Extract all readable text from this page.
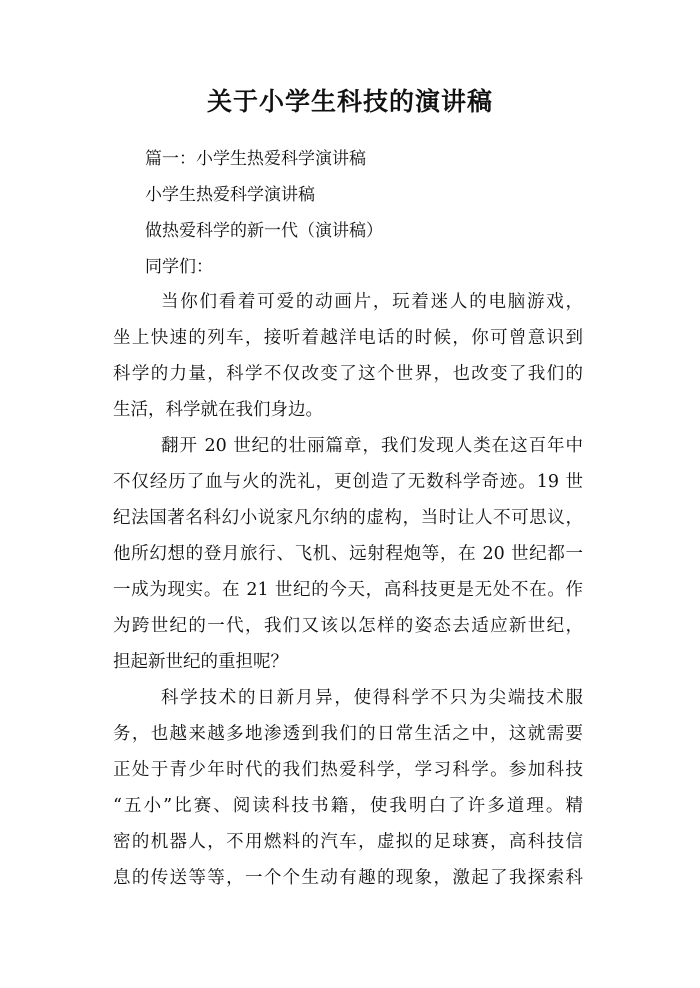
关于小学生科技的演讲稿
篇一：小学生热爱科学演讲稿
小学生热爱科学演讲稿
做热爱科学的新一代（演讲稿）
同学们：
当你们看着可爱的动画片，玩着迷人的电脑游戏，
坐上快速的列车，接听着越洋电话的时候，你可曾意识到
科学的力量，科学不仅改变了这个世界，也改变了我们的
生活，科学就在我们身边。
翻开 20 世纪的壮丽篇章，我们发现人类在这百年中
不仅经历了血与火的洗礼，更创造了无数科学奇迹。19 世
纪法国著名科幻小说家凡尔纳的虚构，当时让人不可思议，
他所幻想的登月旅行、飞机、远射程炮等，在 20 世纪都一
一成为现实。在 21 世纪的今天，高科技更是无处不在。作
为跨世纪的一代，我们又该以怎样的姿态去适应新世纪，
担起新世纪的重担呢？
科学技术的日新月异，使得科学不只为尖端技术服
务，也越来越多地渗透到我们的日常生活之中，这就需要
正处于青少年时代的我们热爱科学，学习科学。参加科技
“五小”比赛、阅读科技书籍，使我明白了许多道理。精
密的机器人，不用燃料的汽车，虚拟的足球赛，高科技信
息的传送等等，一个个生动有趣的现象，激起了我探索科
